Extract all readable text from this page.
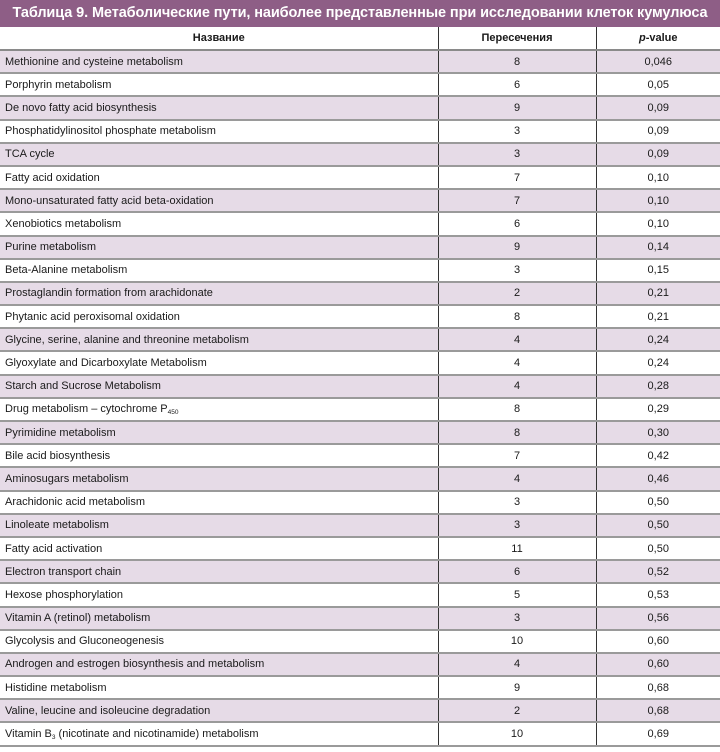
Таблица 9. Метаболические пути, наиболее представленные при исследовании клеток кумулюса
Название	Пересечения	p-value
Methionine and cysteine metabolism	8	0,046
Porphyrin metabolism	6	0,05
De novo fatty acid biosynthesis	9	0,09
Phosphatidylinositol phosphate metabolism	3	0,09
TCA cycle	3	0,09
Fatty acid oxidation	7	0,10
Mono-unsaturated fatty acid beta-oxidation	7	0,10
Xenobiotics metabolism	6	0,10
Purine metabolism	9	0,14
Beta-Alanine metabolism	3	0,15
Prostaglandin formation from arachidonate	2	0,21
Phytanic acid peroxisomal oxidation	8	0,21
Glycine, serine, alanine and threonine metabolism	4	0,24
Glyoxylate and Dicarboxylate Metabolism	4	0,24
Starch and Sucrose Metabolism	4	0,28
Drug metabolism – cytochrome $P_{450}$	8	0,29
Pyrimidine metabolism	8	0,30
Bile acid biosynthesis	7	0,42
Aminosugars metabolism	4	0,46
Arachidonic acid metabolism	3	0,50
Linoleate metabolism	3	0,50
Fatty acid activation	11	0,50
Electron transport chain	6	0,52
Hexose phosphorylation	5	0,53
Vitamin A (retinol) metabolism	3	0,56
Glycolysis and Gluconeogenesis	10	0,60
Androgen and estrogen biosynthesis and metabolism	4	0,60
Histidine metabolism	9	0,68
Valine, leucine and isoleucine degradation	2	0,68
Vitamin $B_3$ (nicotinate and nicotinamide) metabolism	10	0,69
